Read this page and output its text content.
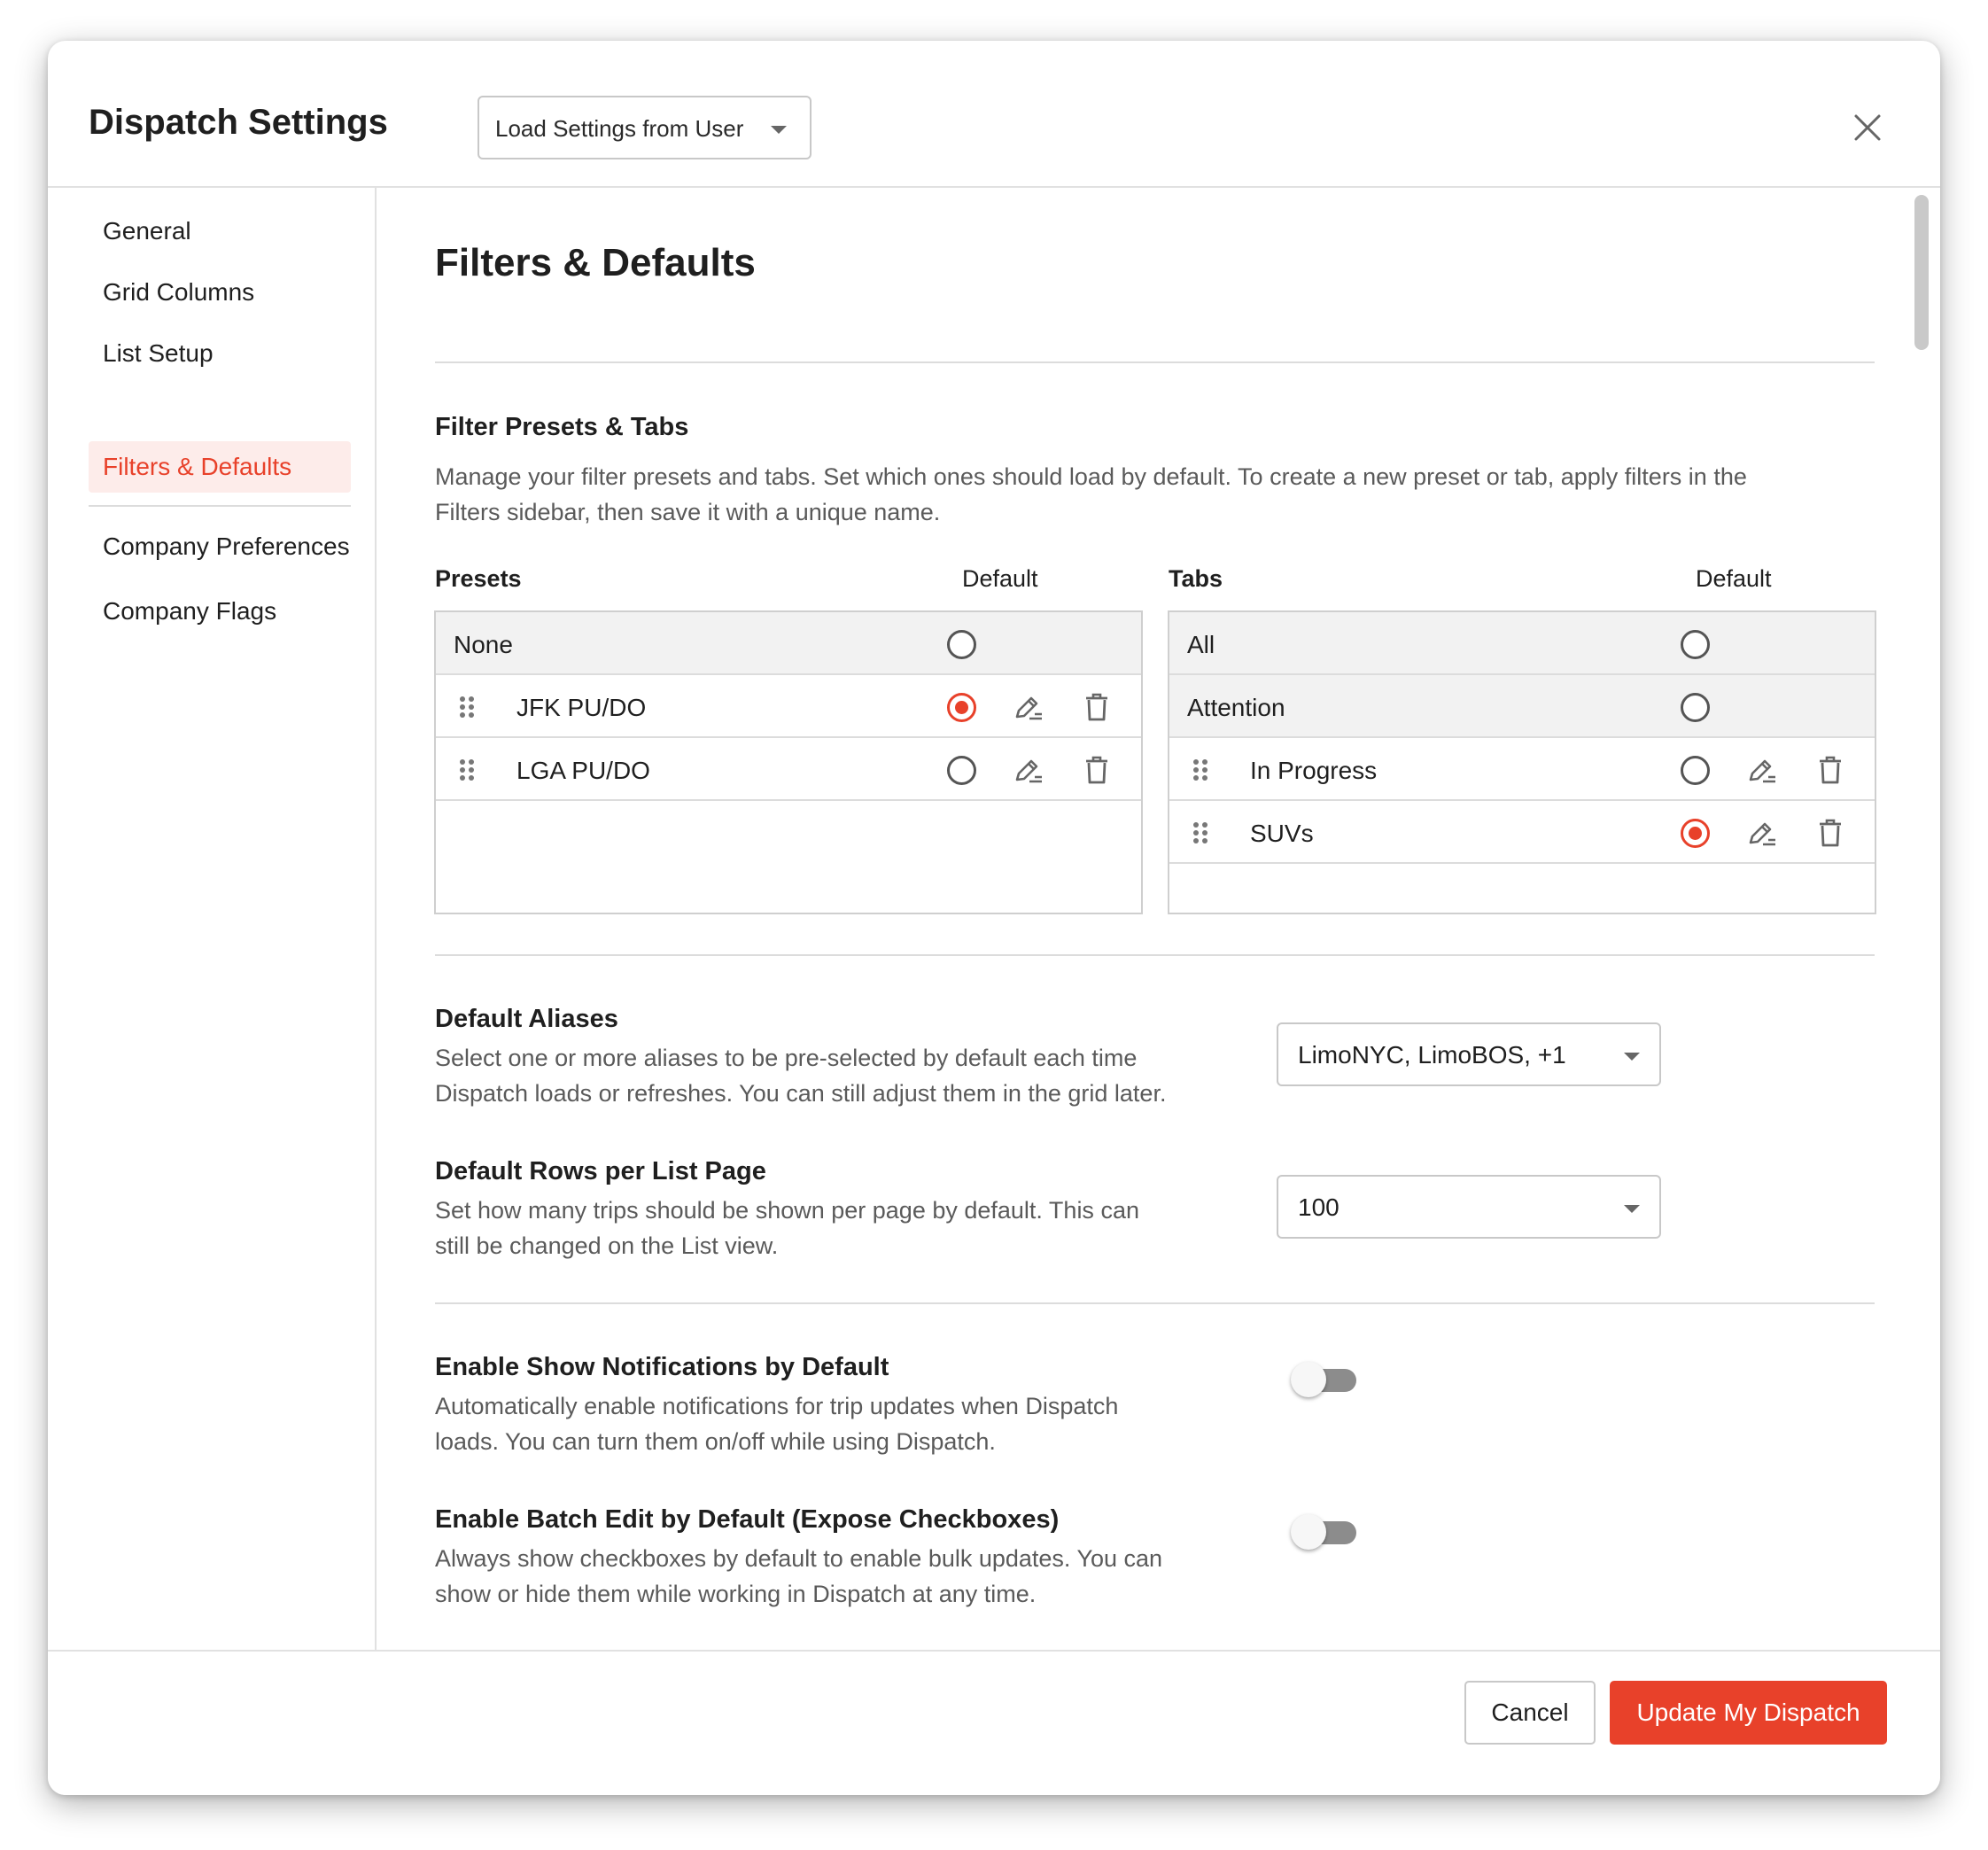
Dispatch Settings	Load Settings from User
General
Grid Columns
List Setup
Filters & Defaults
Company Preferences
Company Flags
Filters & Defaults
Filter Presets & Tabs
Manage your filter presets and tabs. Set which ones should load by default. To create a new preset or tab, apply filters in the
Filters sidebar, then save it with a unique name.
Presets	Default	Tabs	Default
None
JFK PU/DO
LGA PU/DO
All
Attention
In Progress
SUVs
Default Aliases
Select one or more aliases to be pre-selected by default each time
Dispatch loads or refreshes. You can still adjust them in the grid later.
LimoNYC, LimoBOS, +1
Default Rows per List Page
Set how many trips should be shown per page by default. This can
still be changed on the List view.
100
Enable Show Notifications by Default
Automatically enable notifications for trip updates when Dispatch
loads. You can turn them on/off while using Dispatch.
Enable Batch Edit by Default (Expose Checkboxes)
Always show checkboxes by default to enable bulk updates. You can
show or hide them while working in Dispatch at any time.
Cancel	Update My Dispatch
